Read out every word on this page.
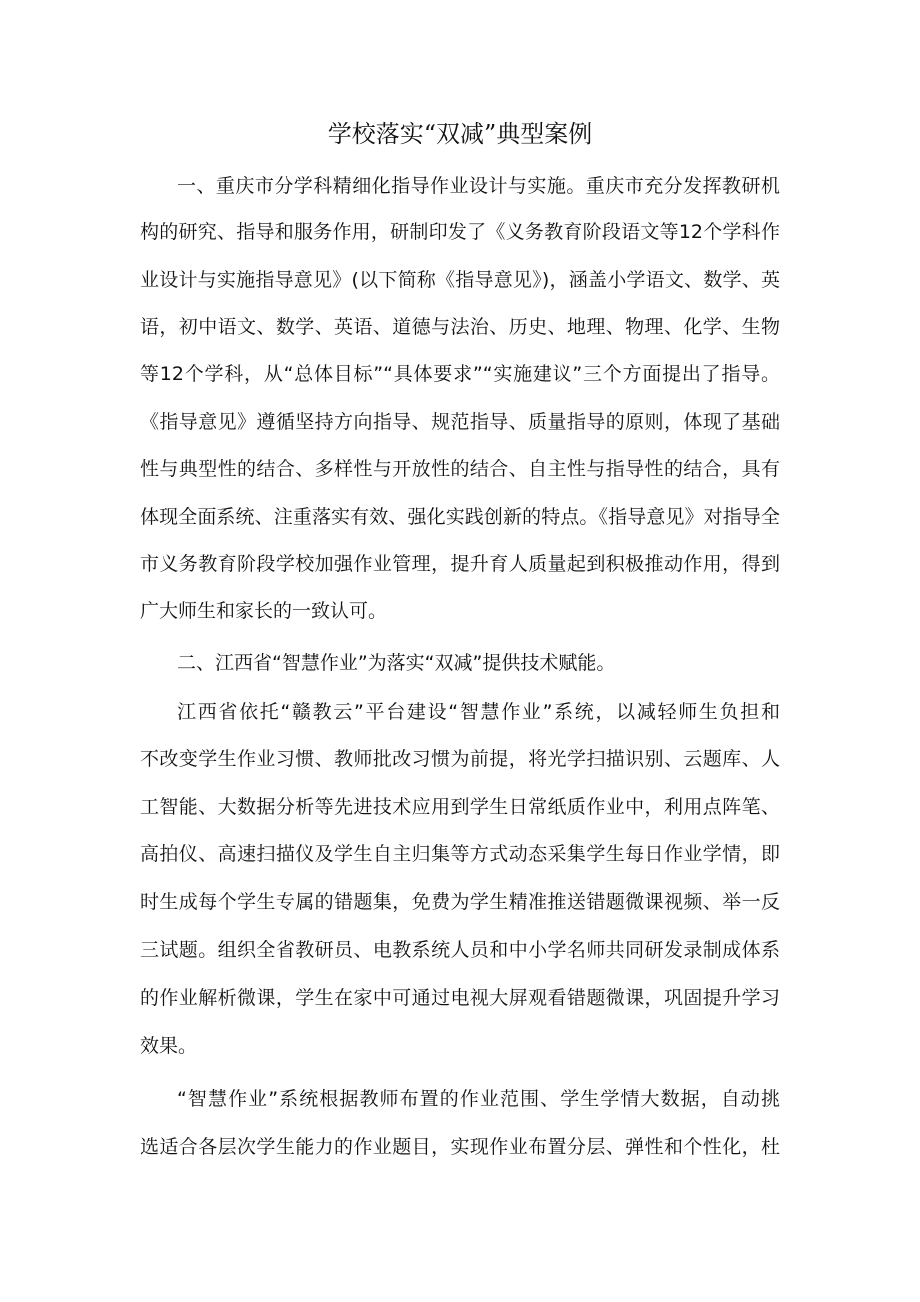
学校落实“双减”典型案例
一、重庆市分学科精细化指导作业设计与实施。重庆市充分发挥教研机
构的研究、指导和服务作用，研制印发了《义务教育阶段语文等12个学科作
业设计与实施指导意见》(以下简称《指导意见》)，涵盖小学语文、数学、英
语，初中语文、数学、英语、道德与法治、历史、地理、物理、化学、生物
等12个学科，从“总体目标”“具体要求”“实施建议”三个方面提出了指导。
《指导意见》遵循坚持方向指导、规范指导、质量指导的原则，体现了基础
性与典型性的结合、多样性与开放性的结合、自主性与指导性的结合，具有
体现全面系统、注重落实有效、强化实践创新的特点。《指导意见》对指导全
市义务教育阶段学校加强作业管理，提升育人质量起到积极推动作用，得到
广大师生和家长的一致认可。
二、江西省“智慧作业”为落实“双减”提供技术赋能。
江西省依托“赣教云”平台建设“智慧作业”系统，以减轻师生负担和
不改变学生作业习惯、教师批改习惯为前提，将光学扫描识别、云题库、人
工智能、大数据分析等先进技术应用到学生日常纸质作业中，利用点阵笔、
高拍仪、高速扫描仪及学生自主归集等方式动态采集学生每日作业学情，即
时生成每个学生专属的错题集，免费为学生精准推送错题微课视频、举一反
三试题。组织全省教研员、电教系统人员和中小学名师共同研发录制成体系
的作业解析微课，学生在家中可通过电视大屏观看错题微课，巩固提升学习
效果。
“智慧作业”系统根据教师布置的作业范围、学生学情大数据，自动挑
选适合各层次学生能力的作业题目，实现作业布置分层、弹性和个性化，杜
